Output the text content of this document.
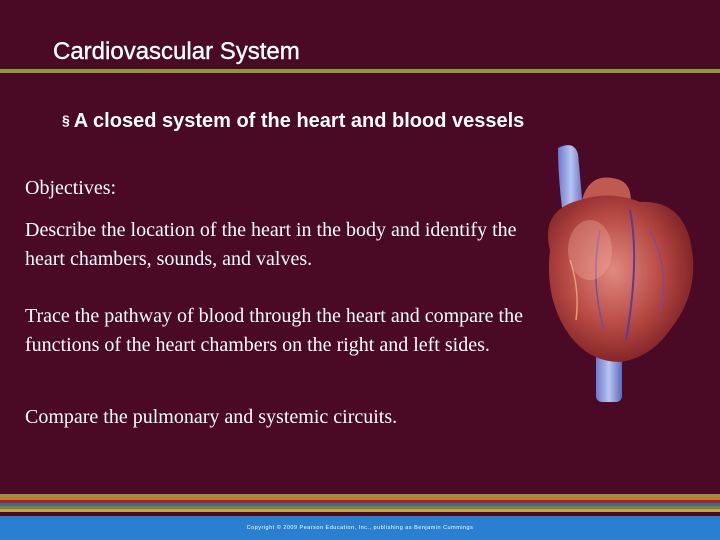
Cardiovascular System
§ A closed system of the heart and blood vessels
Objectives:
Describe the location of the heart in the body and identify the heart chambers, sounds, and valves.
Trace the pathway of blood through the heart and compare the functions of the heart chambers on the right and left sides.
Compare the pulmonary and systemic circuits.
Copyright © 2009 Pearson Education, Inc., publishing as Benjamin Cummings
